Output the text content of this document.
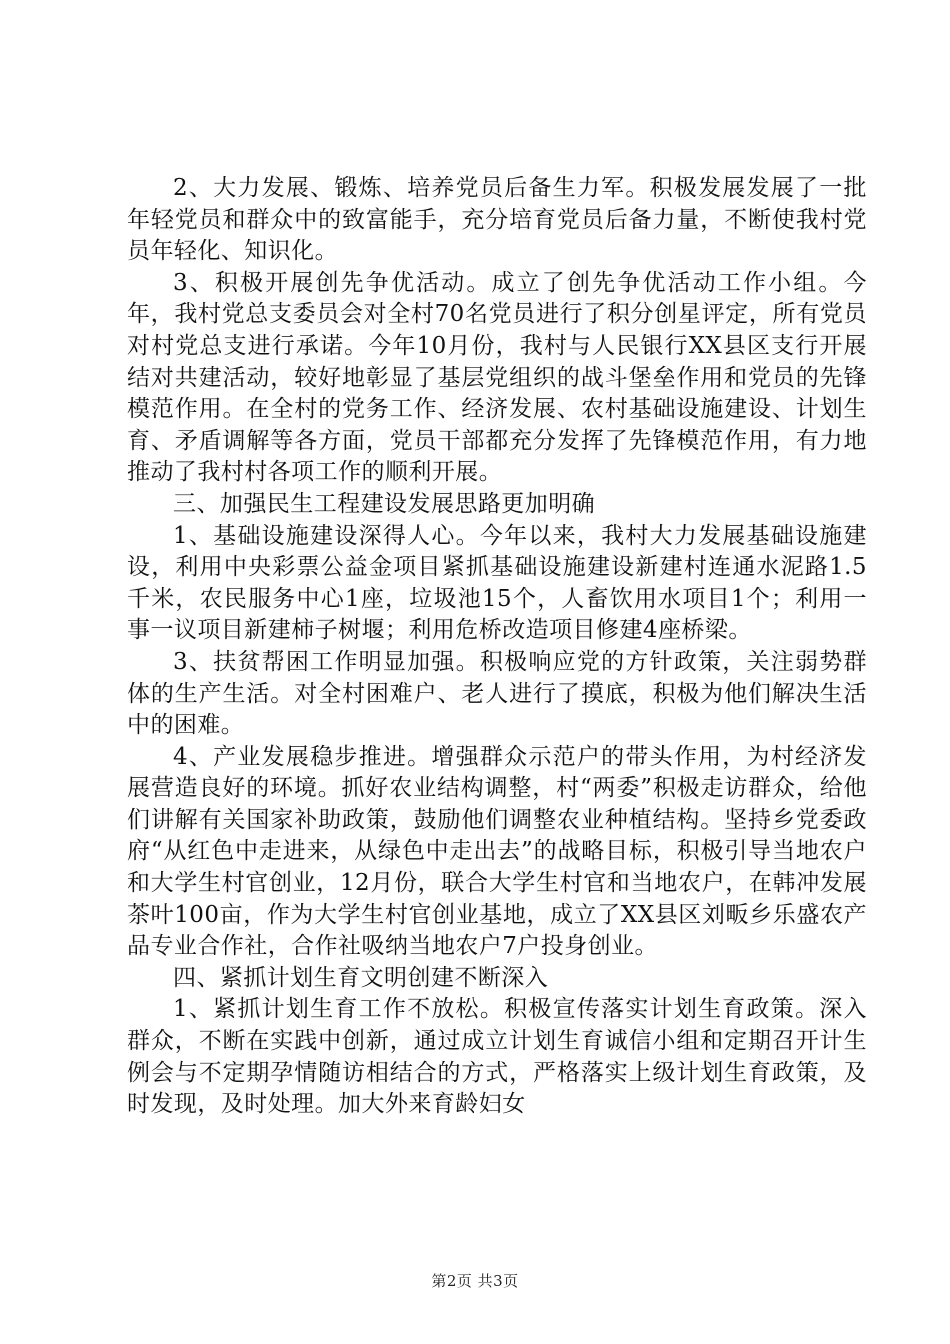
2、大力发展、锻炼、培养党员后备生力军。积极发展发展了一批年轻党员和群众中的致富能手，充分培育党员后备力量，不断使我村党员年轻化、知识化。

3、积极开展创先争优活动。成立了创先争优活动工作小组。今年，我村党总支委员会对全村70名党员进行了积分创星评定，所有党员对村党总支进行承诺。今年10月份，我村与人民银行XX县区支行开展结对共建活动，较好地彰显了基层党组织的战斗堡垒作用和党员的先锋模范作用。在全村的党务工作、经济发展、农村基础设施建设、计划生育、矛盾调解等各方面，党员干部都充分发挥了先锋模范作用，有力地推动了我村村各项工作的顺利开展。

三、加强民生工程建设发展思路更加明确

1、基础设施建设深得人心。今年以来，我村大力发展基础设施建设，利用中央彩票公益金项目紧抓基础设施建设新建村连通水泥路1.5千米，农民服务中心1座，垃圾池15个，人畜饮用水项目1个；利用一事一议项目新建柿子树堰；利用危桥改造项目修建4座桥梁。

3、扶贫帮困工作明显加强。积极响应党的方针政策，关注弱势群体的生产生活。对全村困难户、老人进行了摸底，积极为他们解决生活中的困难。

4、产业发展稳步推进。增强群众示范户的带头作用，为村经济发展营造良好的环境。抓好农业结构调整，村“两委”积极走访群众，给他们讲解有关国家补助政策，鼓励他们调整农业种植结构。坚持乡党委政府“从红色中走进来，从绿色中走出去”的战略目标，积极引导当地农户和大学生村官创业，12月份，联合大学生村官和当地农户，在韩冲发展茶叶100亩，作为大学生村官创业基地，成立了XX县区刘畈乡乐盛农产品专业合作社，合作社吸纳当地农户7户投身创业。

四、紧抓计划生育文明创建不断深入

1、紧抓计划生育工作不放松。积极宣传落实计划生育政策。深入群众，不断在实践中创新，通过成立计划生育诚信小组和定期召开计生例会与不定期孕情随访相结合的方式，严格落实上级计划生育政策，及时发现，及时处理。加大外来育龄妇女

第2页 共3页
